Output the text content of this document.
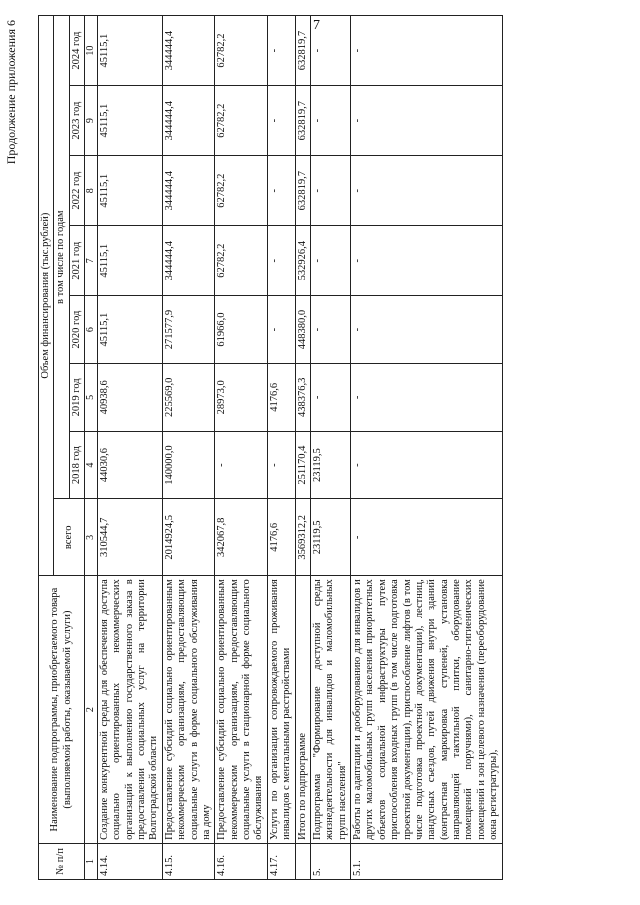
7
Продолжение приложения 6
№ п/п	Наименование подпрограммы, приобретаемого товара (выполняемой работы, оказываемой услуги)	Объем финансирования (тыс.рублей)							
		всего	в том числе по годам						
			2018 год	2019 год	2020 год	2021 год	2022 год	2023 год	2024 год
1	2	3	4	5	6	7	8	9	10
4.14.	Создание конкурентной среды для обеспечения доступа социально ориентированных некоммерческих организаций к выполнению государственного заказа в предоставлении социальных услуг на территории Волгоградской области	310544,7	44030,6	40938,6	45115,1	45115,1	45115,1	45115,1	45115,1
4.15.	Предоставление субсидий социально ориентированным некоммерческим организациям, предоставляющим социальные услуги в форме социального обслуживания на дому	2014924,5	140000,0	225569,0	271577,9	344444,4	344444,4	344444,4	344444,4
4.16.	Предоставление субсидий социально ориентированным некоммерческим организациям, предоставляющим социальные услуги в стационарной форме социального обслуживания	342067,8	-	28973,0	61966,0	62782,2	62782,2	62782,2	62782,2
4.17.	Услуги по организации сопровождаемого проживания инвалидов с ментальными расстройствами	4176,6	-	4176,6	-	-	-	-	-
	Итого по подпрограмме	3569312,2	251170,4	438376,3	448380,0	532926,4	632819,7	632819,7	632819,7
5.	Подпрограмма "Формирование доступной среды жизнедеятельности для инвалидов и маломобильных групп населения"	23119,5	23119,5	-	-	-	-	-	-
5.1.	Работы по адаптации и дооборудованию для инвалидов и других маломобильных групп населения приоритетных объектов социальной инфраструктуры путем приспособления входных групп (в том числе подготовка проектной документации), приспособление лифтов (в том числе подготовка проектной документации), лестниц, пандусных съездов, путей движения внутри зданий (контрастная маркировка ступеней, установка направляющей тактильной плитки, оборудование помещений поручнями), санитарно-гигиенических помещений и зон целевого назначения (переоборудование окна регистратуры),	-	-	-	-	-	-	-	-
